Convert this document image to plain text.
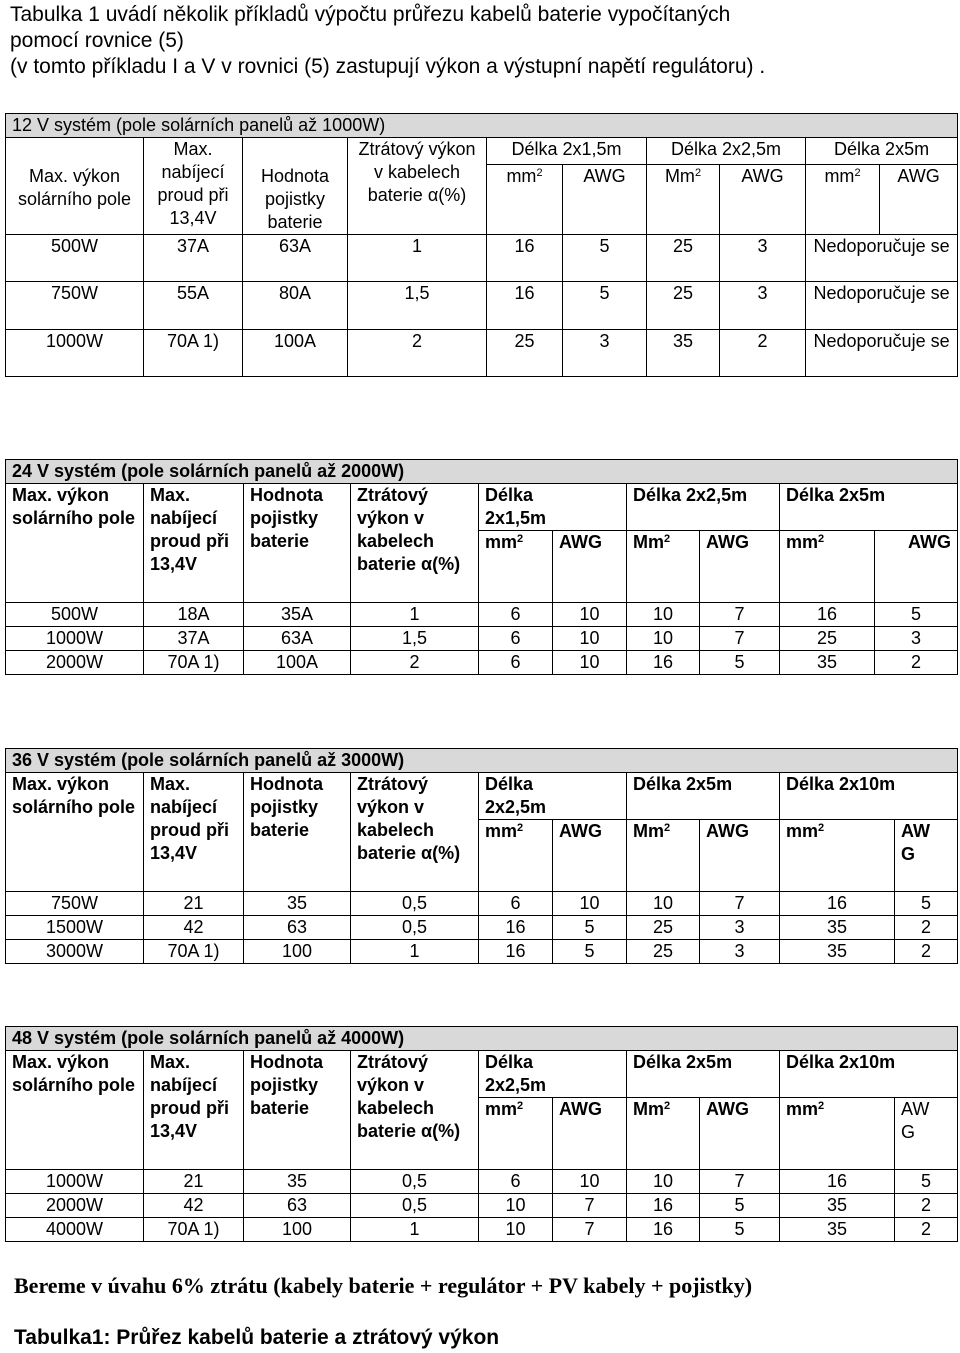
Tabulka 1 uvádí několik příkladů výpočtu průřezu kabelů baterie vypočítaných
pomocí rovnice (5)
(v tomto příkladu I a V v rovnici (5) zastupují výkon a výstupní napětí regulátoru) .
12 V systém (pole solárních panelů až 1000W)									
Max. výkon solárního pole	Max. nabíjecí proud při 13,4V	Hodnota pojistky baterie	Ztrátový výkon v kabelech baterie α(%)	Délka 2x1,5m		Délka 2x2,5m		Délka 2x5m	
				$mm^2$	AWG	Mm$^2$	AWG	$mm^2$	AWG
500W	37A	63A	1	16	5	25	3	Nedoporučuje se	
750W	55A	80A	1,5	16	5	25	3	Nedoporučuje se	
1000W	70A 1)	100A	2	25	3	35	2	Nedoporučuje se	
24 V systém (pole solárních panelů až 2000W)									
Max. výkon solárního pole	Max. nabíjecí proud při 13,4V	Hodnota pojistky baterie	Ztrátový výkon v kabelech baterie α(%)	Délka 2x1,5m		Délka 2x2,5m		Délka 2x5m	
				$mm^2$	AWG	Mm$^2$	AWG	$mm^2$	AWG
500W	18A	35A	1	6	10	10	7	16	5
1000W	37A	63A	1,5	6	10	10	7	25	3
2000W	70A 1)	100A	2	6	10	16	5	35	2
36 V systém (pole solárních panelů až 3000W)									
Max. výkon solárního pole	Max. nabíjecí proud při 13,4V	Hodnota pojistky baterie	Ztrátový výkon v kabelech baterie α(%)	Délka 2x2,5m		Délka 2x5m		Délka 2x10m	
				$mm^2$	AWG	Mm$^2$	AWG	$mm^2$	AW G
750W	21	35	0,5	6	10	10	7	16	5
1500W	42	63	0,5	16	5	25	3	35	2
3000W	70A 1)	100	1	16	5	25	3	35	2
48 V systém (pole solárních panelů až 4000W)									
Max. výkon solárního pole	Max. nabíjecí proud při 13,4V	Hodnota pojistky baterie	Ztrátový výkon v kabelech baterie α(%)	Délka 2x2,5m		Délka 2x5m		Délka 2x10m	
				$mm^2$	AWG	Mm$^2$	AWG	$mm^2$	AW G
1000W	21	35	0,5	6	10	10	7	16	5
2000W	42	63	0,5	10	7	16	5	35	2
4000W	70A 1)	100	1	10	7	16	5	35	2
Bereme v úvahu 6% ztrátu (kabely baterie + regulátor + PV kabely + pojistky)
Tabulka1: Průřez kabelů baterie a ztrátový výkon
